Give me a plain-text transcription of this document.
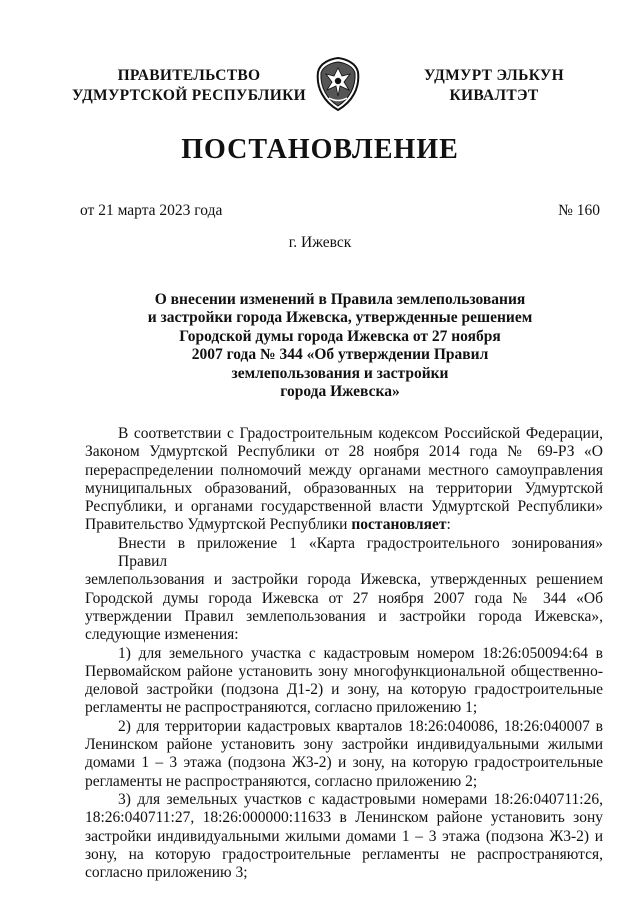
ПРАВИТЕЛЬСТВО
УДМУРТСКОЙ РЕСПУБЛИКИ
УДМУРТ ЭЛЬКУН
КИВАЛТЭТ
ПОСТАНОВЛЕНИЕ
от 21 марта 2023 года	№ 160
г. Ижевск
О внесении изменений в Правила землепользования
и застройки города Ижевска, утвержденные решением
Городской думы города Ижевска от 27 ноября
2007 года № 344 «Об утверждении Правил
землепользования и застройки
города Ижевска»
В соответствии с Градостроительным кодексом Российской Федерации,
Законом Удмуртской Республики от 28 ноября 2014 года № 69-РЗ «О
перераспределении полномочий между органами местного самоуправления
муниципальных образований, образованных на территории Удмуртской
Республики, и органами государственной власти Удмуртской Республики»
Правительство Удмуртской Республики постановляет:
Внести в приложение 1 «Карта градостроительного зонирования» Правил
землепользования и застройки города Ижевска, утвержденных решением
Городской думы города Ижевска от 27 ноября 2007 года № 344 «Об
утверждении Правил землепользования и застройки города Ижевска»,
следующие изменения:
1) для земельного участка с кадастровым номером 18:26:050094:64 в
Первомайском районе установить зону многофункциональной общественно-
деловой застройки (подзона Д1-2) и зону, на которую градостроительные
регламенты не распространяются, согласно приложению 1;
2) для территории кадастровых кварталов 18:26:040086, 18:26:040007 в
Ленинском районе установить зону застройки индивидуальными жилыми
домами 1 – 3 этажа (подзона Ж3-2) и зону, на которую градостроительные
регламенты не распространяются, согласно приложению 2;
3) для земельных участков с кадастровыми номерами 18:26:040711:26,
18:26:040711:27, 18:26:000000:11633 в Ленинском районе установить зону
застройки индивидуальными жилыми домами 1 – 3 этажа (подзона Ж3-2) и
зону, на которую градостроительные регламенты не распространяются,
согласно приложению 3;
